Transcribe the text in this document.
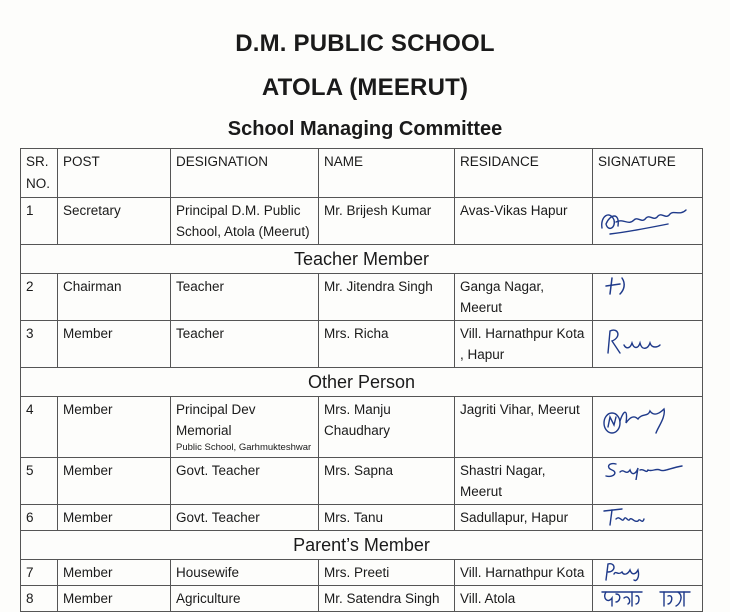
D.M. PUBLIC SCHOOL
ATOLA (MEERUT)
School Managing Committee
SR. NO.	POST	DESIGNATION	NAME	RESIDANCE	SIGNATURE
1	Secretary	Principal D.M. Public School, Atola (Meerut)	Mr. Brijesh Kumar	Avas-Vikas Hapur	

Teacher Member					
2	Chairman	Teacher	Mr. Jitendra Singh	Ganga Nagar, Meerut	

3	Member	Teacher	Mrs. Richa	Vill. Harnathpur Kota , Hapur	

Other Person					
4	Member	Principal Dev Memorial
Public School, Garhmukteshwar	Mrs. Manju Chaudhary	Jagriti Vihar, Meerut	

5	Member	Govt. Teacher	Mrs. Sapna	Shastri Nagar, Meerut	

6	Member	Govt. Teacher	Mrs. Tanu	Sadullapur, Hapur	

Parent’s Member					
7	Member	Housewife	Mrs. Preeti	Vill. Harnathpur Kota	

8	Member	Agriculture	Mr. Satendra Singh	Vill. Atola	
